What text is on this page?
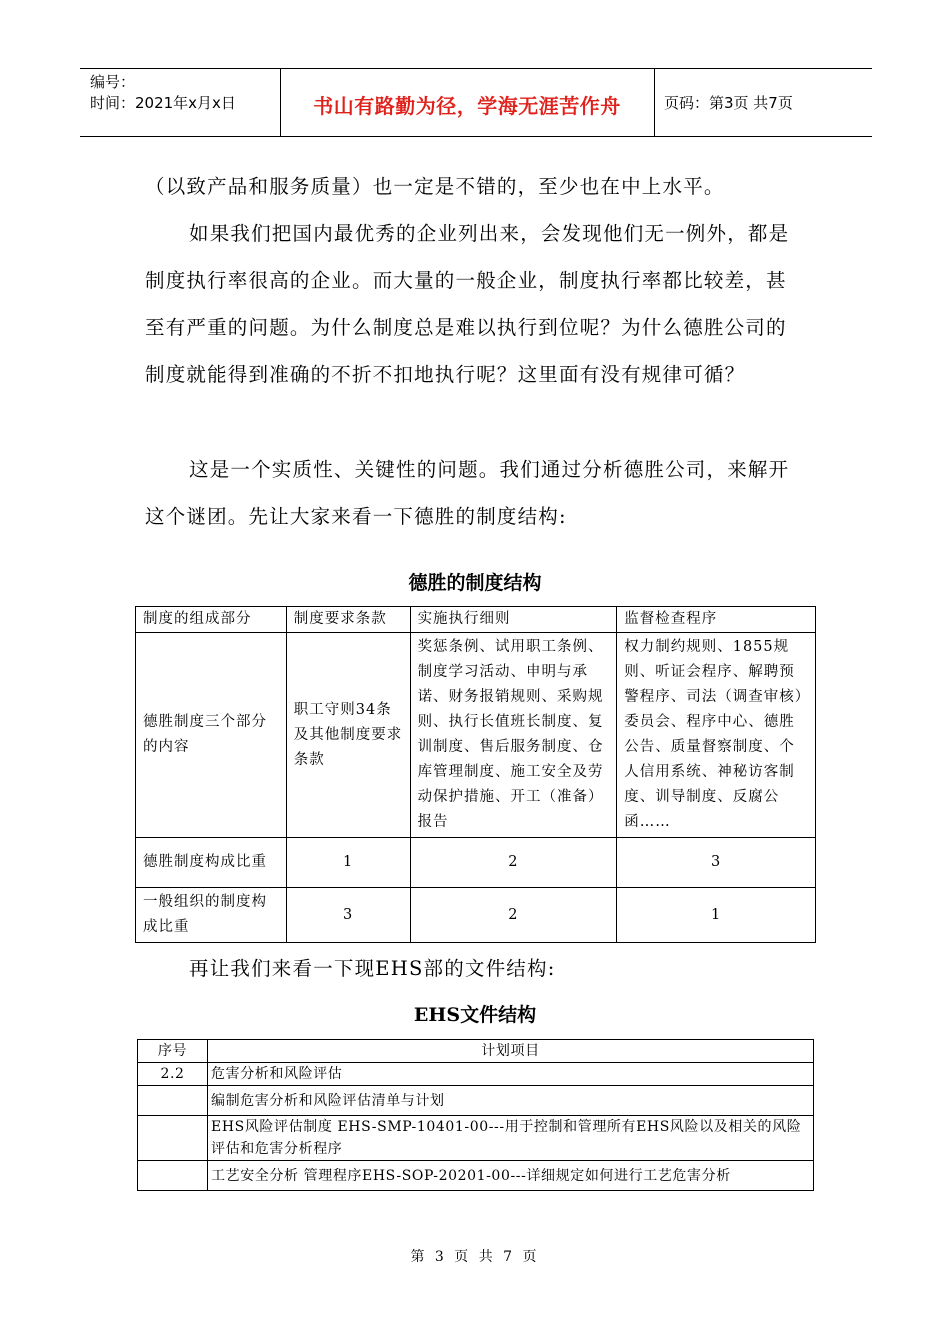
编号：
时间：2021年x月x日	书山有路勤为径，学海无涯苦作舟	页码：第3页 共7页
（以致产品和服务质量）也一定是不错的，至少也在中上水平。
如果我们把国内最优秀的企业列出来，会发现他们无一例外，都是制度执行率很高的企业。而大量的一般企业，制度执行率都比较差，甚至有严重的问题。为什么制度总是难以执行到位呢？为什么德胜公司的制度就能得到准确的不折不扣地执行呢？这里面有没有规律可循？
这是一个实质性、关键性的问题。我们通过分析德胜公司，来解开这个谜团。先让大家来看一下德胜的制度结构:
德胜的制度结构
制度的组成部分	制度要求条款	实施执行细则	监督检查程序
德胜制度三个部分的内容	职工守则34条及其他制度要求条款	奖惩条例、试用职工条例、制度学习活动、申明与承诺、财务报销规则、采购规则、执行长值班长制度、复训制度、售后服务制度、仓库管理制度、施工安全及劳动保护措施、开工（准备）报告	权力制约规则、1855规则、听证会程序、解聘预警程序、司法（调查审核）委员会、程序中心、德胜公告、质量督察制度、个人信用系统、神秘访客制度、训导制度、反腐公函……
德胜制度构成比重	1	2	3
一般组织的制度构成比重	3	2	1
再让我们来看一下现EHS部的文件结构:
EHS文件结构
序号	计划项目
2.2	危害分析和风险评估
	编制危害分析和风险评估清单与计划
	EHS风险评估制度 EHS-SMP-10401-00---用于控制和管理所有EHS风险以及相关的风险评估和危害分析程序
	工艺安全分析 管理程序EHS-SOP-20201-00---详细规定如何进行工艺危害分析
第 3 页 共 7 页
